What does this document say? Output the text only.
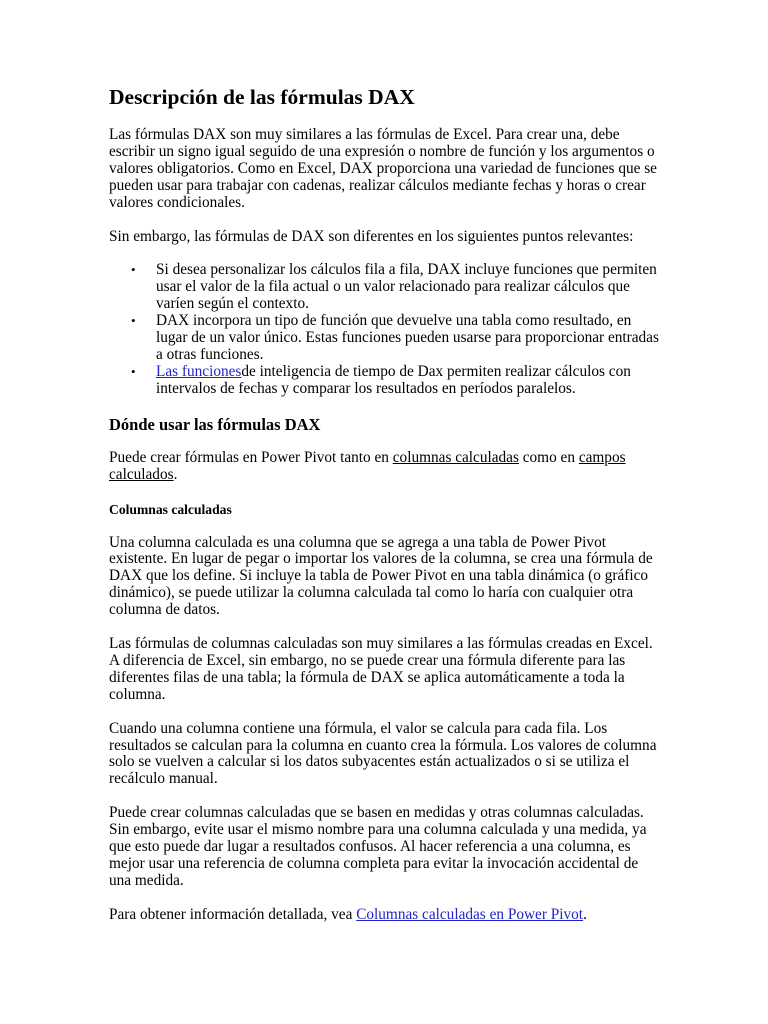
Descripción de las fórmulas DAX

Las fórmulas DAX son muy similares a las fórmulas de Excel. Para crear una, debe escribir un signo igual seguido de una expresión o nombre de función y los argumentos o valores obligatorios. Como en Excel, DAX proporciona una variedad de funciones que se pueden usar para trabajar con cadenas, realizar cálculos mediante fechas y horas o crear valores condicionales.

Sin embargo, las fórmulas de DAX son diferentes en los siguientes puntos relevantes:

• Si desea personalizar los cálculos fila a fila, DAX incluye funciones que permiten usar el valor de la fila actual o un valor relacionado para realizar cálculos que varíen según el contexto.
• DAX incorpora un tipo de función que devuelve una tabla como resultado, en lugar de un valor único. Estas funciones pueden usarse para proporcionar entradas a otras funciones.
• Las funcionesde inteligencia de tiempo de Dax permiten realizar cálculos con intervalos de fechas y comparar los resultados en períodos paralelos.
Dónde usar las fórmulas DAX

Puede crear fórmulas en Power Pivot tanto en columnas calculadas como en campos calculados.

Columnas calculadas

Una columna calculada es una columna que se agrega a una tabla de Power Pivot existente. En lugar de pegar o importar los valores de la columna, se crea una fórmula de DAX que los define. Si incluye la tabla de Power Pivot en una tabla dinámica (o gráfico dinámico), se puede utilizar la columna calculada tal como lo haría con cualquier otra columna de datos.

Las fórmulas de columnas calculadas son muy similares a las fórmulas creadas en Excel. A diferencia de Excel, sin embargo, no se puede crear una fórmula diferente para las diferentes filas de una tabla; la fórmula de DAX se aplica automáticamente a toda la columna.

Cuando una columna contiene una fórmula, el valor se calcula para cada fila. Los resultados se calculan para la columna en cuanto crea la fórmula. Los valores de columna solo se vuelven a calcular si los datos subyacentes están actualizados o si se utiliza el recálculo manual.

Puede crear columnas calculadas que se basen en medidas y otras columnas calculadas. Sin embargo, evite usar el mismo nombre para una columna calculada y una medida, ya que esto puede dar lugar a resultados confusos. Al hacer referencia a una columna, es mejor usar una referencia de columna completa para evitar la invocación accidental de una medida.

Para obtener información detallada, vea Columnas calculadas en Power Pivot.
